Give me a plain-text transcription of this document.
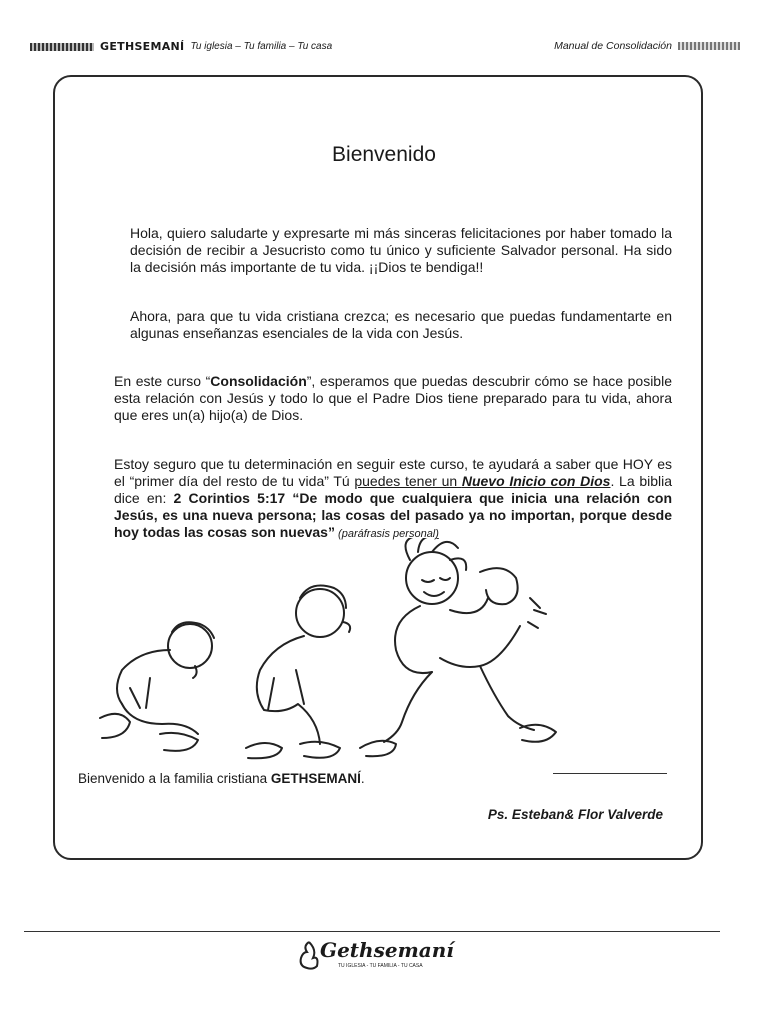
GETHSEMANÍ Tu iglesia – Tu familia – Tu casa	Manual de Consolidación
Bienvenido

Hola, quiero saludarte y expresarte mi más sinceras felicitaciones por haber tomado la decisión de recibir a Jesucristo como tu único y suficiente Salvador personal. Ha sido la decisión más importante de tu vida. ¡¡Dios te bendiga!!

Ahora, para que tu vida cristiana crezca; es necesario que puedas fundamentarte en algunas enseñanzas esenciales de la vida con Jesús.

En este curso “Consolidación”, esperamos que puedas descubrir cómo se hace posible esta relación con Jesús y todo lo que el Padre Dios tiene preparado para tu vida, ahora que eres un(a) hijo(a) de Dios.

Estoy seguro que tu determinación en seguir este curso, te ayudará a saber que HOY es el “primer día del resto de tu vida” Tú puedes tener un Nuevo Inicio con Dios. La biblia dice en: 2 Corintios 5:17 “De modo que cualquiera que inicia una relación con Jesús, es una nueva persona; las cosas del pasado ya no importan, porque desde hoy todas las cosas son nuevas” (paráfrasis personal)

Bienvenido a la familia cristiana GETHSEMANÍ.
Ps. Esteban& Flor Valverde
Gethsemaní
TU IGLESIA - TU FAMILIA - TU CASA
